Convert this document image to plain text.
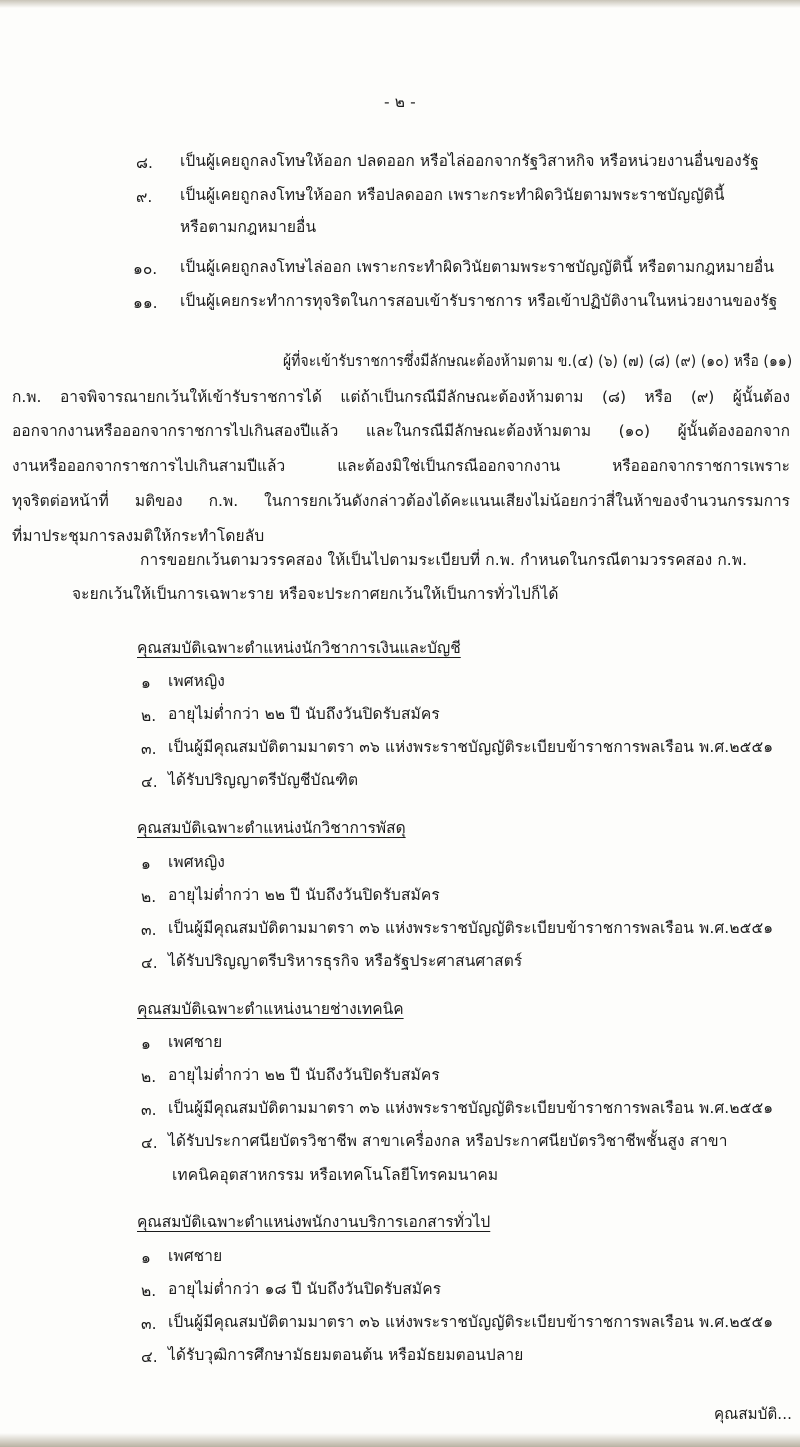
- ๒ -
๘. เป็นผู้เคยถูกลงโทษให้ออก ปลดออก หรือไล่ออกจากรัฐวิสาหกิจ หรือหน่วยงานอื่นของรัฐ
๙. เป็นผู้เคยถูกลงโทษให้ออก หรือปลดออก เพราะกระทำผิดวินัยตามพระราชบัญญัตินี้
หรือตามกฎหมายอื่น
๑๐. เป็นผู้เคยถูกลงโทษไล่ออก เพราะกระทำผิดวินัยตามพระราชบัญญัตินี้ หรือตามกฎหมายอื่น
๑๑. เป็นผู้เคยกระทำการทุจริตในการสอบเข้ารับราชการ หรือเข้าปฏิบัติงานในหน่วยงานของรัฐ
ผู้ที่จะเข้ารับราชการซึ่งมีลักษณะต้องห้ามตาม ข.(๔) (๖) (๗) (๘) (๙) (๑๐) หรือ (๑๑)
ก.พ. อาจพิจารณายกเว้นให้เข้ารับราชการได้ แต่ถ้าเป็นกรณีมีลักษณะต้องห้ามตาม (๘) หรือ (๙) ผู้นั้นต้อง
ออกจากงานหรือออกจากราชการไปเกินสองปีแล้ว และในกรณีมีลักษณะต้องห้ามตาม (๑๐) ผู้นั้นต้องออกจาก
งานหรือออกจากราชการไปเกินสามปีแล้ว และต้องมิใช่เป็นกรณีออกจากงาน หรือออกจากราชการเพราะ
ทุจริตต่อหน้าที่ มติของ ก.พ. ในการยกเว้นดังกล่าวต้องได้คะแนนเสียงไม่น้อยกว่าสี่ในห้าของจำนวนกรรมการ
ที่มาประชุมการลงมติให้กระทำโดยลับ
การขอยกเว้นตามวรรคสอง ให้เป็นไปตามระเบียบที่ ก.พ. กำหนดในกรณีตามวรรคสอง ก.พ.
จะยกเว้นให้เป็นการเฉพาะราย หรือจะประกาศยกเว้นให้เป็นการทั่วไปก็ได้
คุณสมบัติเฉพาะตำแหน่งนักวิชาการเงินและบัญชี
๑ เพศหญิง
๒. อายุไม่ต่ำกว่า ๒๒ ปี นับถึงวันปิดรับสมัคร
๓. เป็นผู้มีคุณสมบัติตามมาตรา ๓๖ แห่งพระราชบัญญัติระเบียบข้าราชการพลเรือน พ.ศ.๒๕๕๑
๔. ได้รับปริญญาตรีบัญชีบัณฑิต
คุณสมบัติเฉพาะตำแหน่งนักวิชาการพัสดุ
๑ เพศหญิง
๒. อายุไม่ต่ำกว่า ๒๒ ปี นับถึงวันปิดรับสมัคร
๓. เป็นผู้มีคุณสมบัติตามมาตรา ๓๖ แห่งพระราชบัญญัติระเบียบข้าราชการพลเรือน พ.ศ.๒๕๕๑
๔. ได้รับปริญญาตรีบริหารธุรกิจ หรือรัฐประศาสนศาสตร์
คุณสมบัติเฉพาะตำแหน่งนายช่างเทคนิค
๑ เพศชาย
๒. อายุไม่ต่ำกว่า ๒๒ ปี นับถึงวันปิดรับสมัคร
๓. เป็นผู้มีคุณสมบัติตามมาตรา ๓๖ แห่งพระราชบัญญัติระเบียบข้าราชการพลเรือน พ.ศ.๒๕๕๑
๔. ได้รับประกาศนียบัตรวิชาชีพ สาขาเครื่องกล หรือประกาศนียบัตรวิชาชีพชั้นสูง สาขา
เทคนิคอุตสาหกรรม หรือเทคโนโลยีโทรคมนาคม
คุณสมบัติเฉพาะตำแหน่งพนักงานบริการเอกสารทั่วไป
๑ เพศชาย
๒. อายุไม่ต่ำกว่า ๑๘ ปี นับถึงวันปิดรับสมัคร
๓. เป็นผู้มีคุณสมบัติตามมาตรา ๓๖ แห่งพระราชบัญญัติระเบียบข้าราชการพลเรือน พ.ศ.๒๕๕๑
๔. ได้รับวุฒิการศึกษามัธยมตอนต้น หรือมัธยมตอนปลาย
คุณสมบัติ...
